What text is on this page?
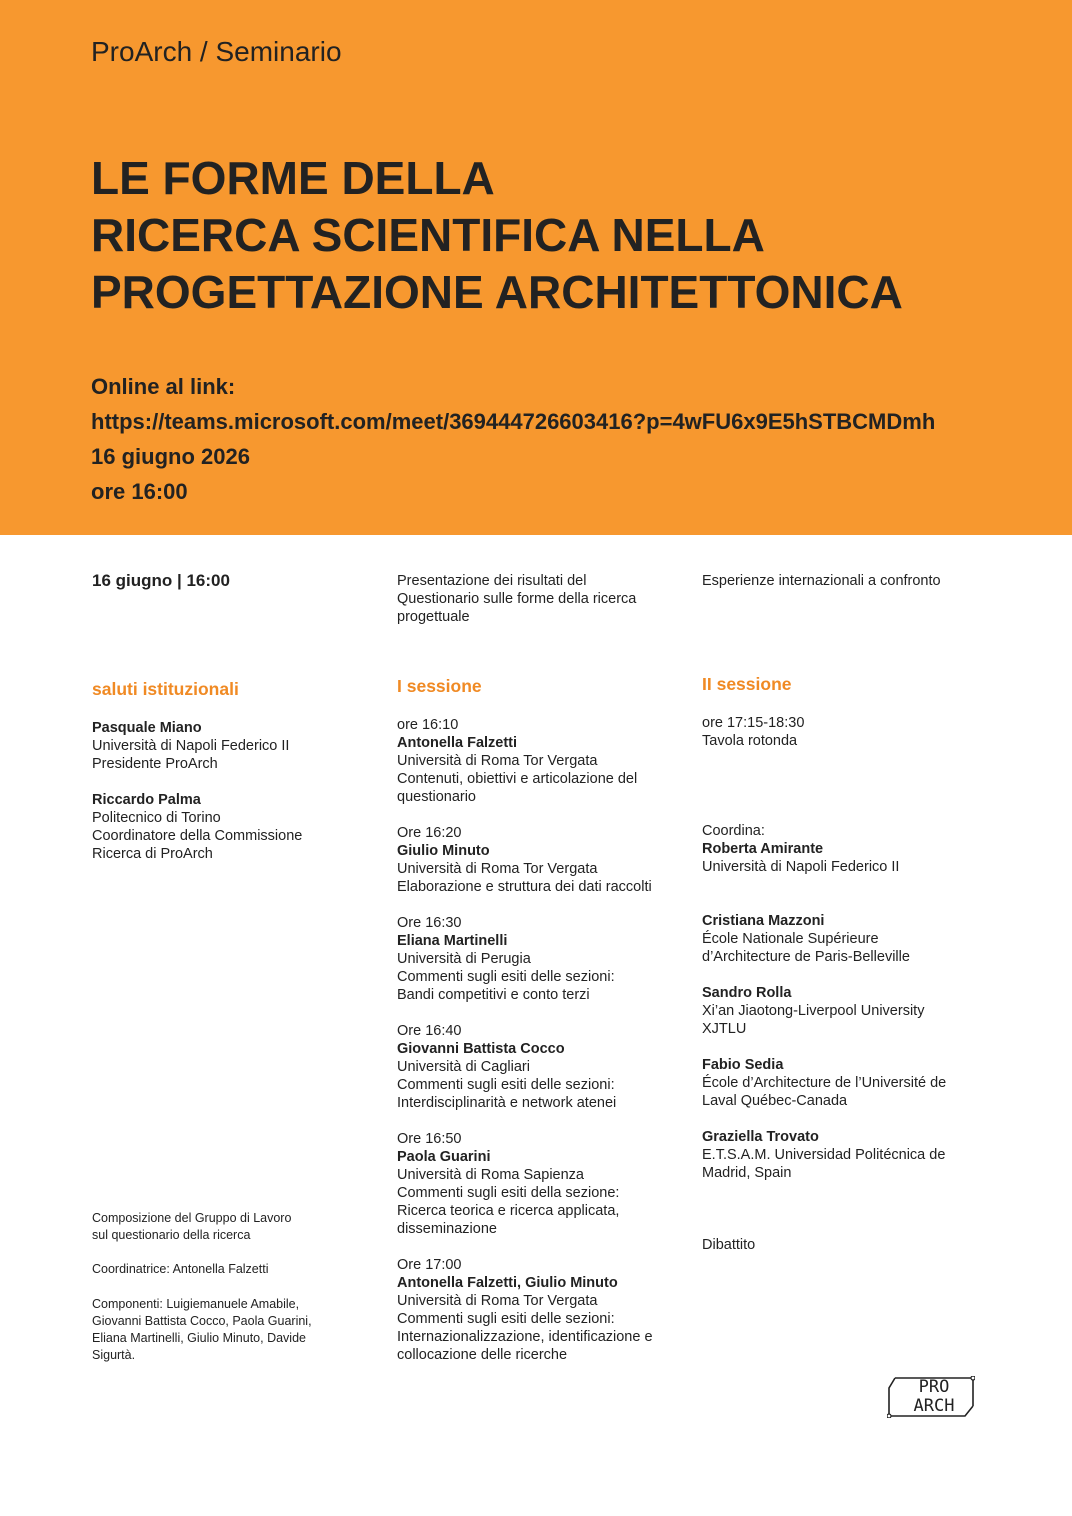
ProArch / Seminario
LE FORME DELLA
RICERCA SCIENTIFICA NELLA
PROGETTAZIONE ARCHITETTONICA
Online al link:
https://teams.microsoft.com/meet/369444726603416?p=4wFU6x9E5hSTBCMDmh
16 giugno 2026
ore 16:00
16 giugno | 16:00	Presentazione dei risultati del
Questionario sulle forme della ricerca
progettuale
Esperienze internazionali a confronto
saluti istituzionali
Pasquale Miano
Università di Napoli Federico II
Presidente ProArch
Riccardo Palma
Politecnico di Torino
Coordinatore della Commissione
Ricerca di ProArch
Composizione del Gruppo di Lavoro
sul questionario della ricerca
Coordinatrice: Antonella Falzetti
Componenti: Luigiemanuele Amabile,
Giovanni Battista Cocco, Paola Guarini,
Eliana Martinelli, Giulio Minuto, Davide
Sigurtà.
I sessione
ore 16:10
Antonella Falzetti
Università di Roma Tor Vergata
Contenuti, obiettivi e articolazione del
questionario
Ore 16:20
Giulio Minuto
Università di Roma Tor Vergata
Elaborazione e struttura dei dati raccolti
Ore 16:30
Eliana Martinelli
Università di Perugia
Commenti sugli esiti delle sezioni:
Bandi competitivi e conto terzi
Ore 16:40
Giovanni Battista Cocco
Università di Cagliari
Commenti sugli esiti delle sezioni:
Interdisciplinarità e network atenei
Ore 16:50
Paola Guarini
Università di Roma Sapienza
Commenti sugli esiti della sezione:
Ricerca teorica e ricerca applicata,
disseminazione
Ore 17:00
Antonella Falzetti, Giulio Minuto
Università di Roma Tor Vergata
Commenti sugli esiti delle sezioni:
Internazionalizzazione, identificazione e
collocazione delle ricerche
II sessione
ore 17:15-18:30
Tavola rotonda
Coordina:
Roberta Amirante
Università di Napoli Federico II
Cristiana Mazzoni
École Nationale Supérieure
d’Architecture de Paris-Belleville
Sandro Rolla
Xi’an Jiaotong-Liverpool University
XJTLU
Fabio Sedia
École d’Architecture de l’Université de
Laval Québec-Canada
Graziella Trovato
E.T.S.A.M. Universidad Politécnica de
Madrid, Spain
Dibattito
PRO
ARCH
